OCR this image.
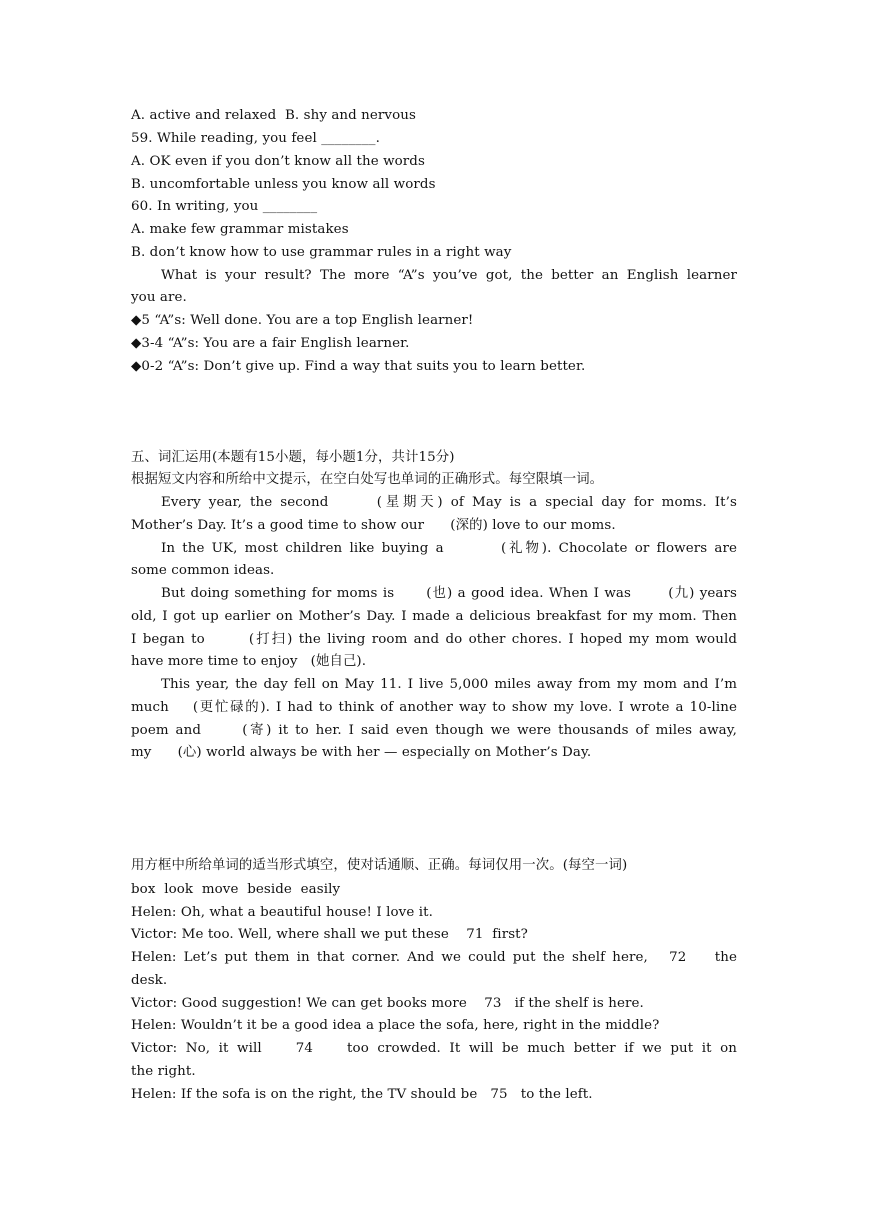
A. active and relaxed  B. shy and nervous
59. While reading, you feel ________.
A. OK even if you don’t know all the words
B. uncomfortable unless you know all words
60. In writing, you ________
A. make few grammar mistakes
B. don’t know how to use grammar rules in a right way
What is your result? The more “A”s you’ve got, the better an English learner
you are.
◆5 “A”s: Well done. You are a top English learner!
◆3-4 “A”s: You are a fair English learner.
◆0-2 “A”s: Don’t give up. Find a way that suits you to learn better.
五、词汇运用(本题有15小题，每小题1分，共计15分)
根据短文内容和所给中文提示，在空白处写也单词的正确形式。每空限填一词。
Every year, the second      (星期天) of May is a special day for moms. It’s
Mother’s Day. It’s a good time to show our      (深的) love to our moms.
In the UK, most children like buying a        (礼物). Chocolate or flowers are
some common ideas.
But doing something for moms is      (也) a good idea. When I was       (九) years
old, I got up earlier on Mother’s Day. I made a delicious breakfast for my mom. Then
I began to       (打扫) the living room and do other chores. I hoped my mom would
have more time to enjoy   (她自己).
This year, the day fell on May 11. I live 5,000 miles away from my mom and I’m
much    (更忙碌的). I had to think of another way to show my love. I wrote a 10-line
poem and      (寄) it to her. I said even though we were thousands of miles away,
my      (心) world always be with her — especially on Mother’s Day.
用方框中所给单词的适当形式填空，使对话通顺、正确。每词仅用一次。(每空一词)
box  look  move  beside  easily
Helen: Oh, what a beautiful house! I love it.
Victor: Me too. Well, where shall we put these    71  first?
Helen: Let’s put them in that corner. And we could put the shelf here,   72    the
desk.
Victor: Good suggestion! We can get books more    73   if the shelf is here.
Helen: Wouldn’t it be a good idea a place the sofa, here, right in the middle?
Victor: No, it will    74    too crowded. It will be much better if we put it on
the right.
Helen: If the sofa is on the right, the TV should be   75   to the left.
